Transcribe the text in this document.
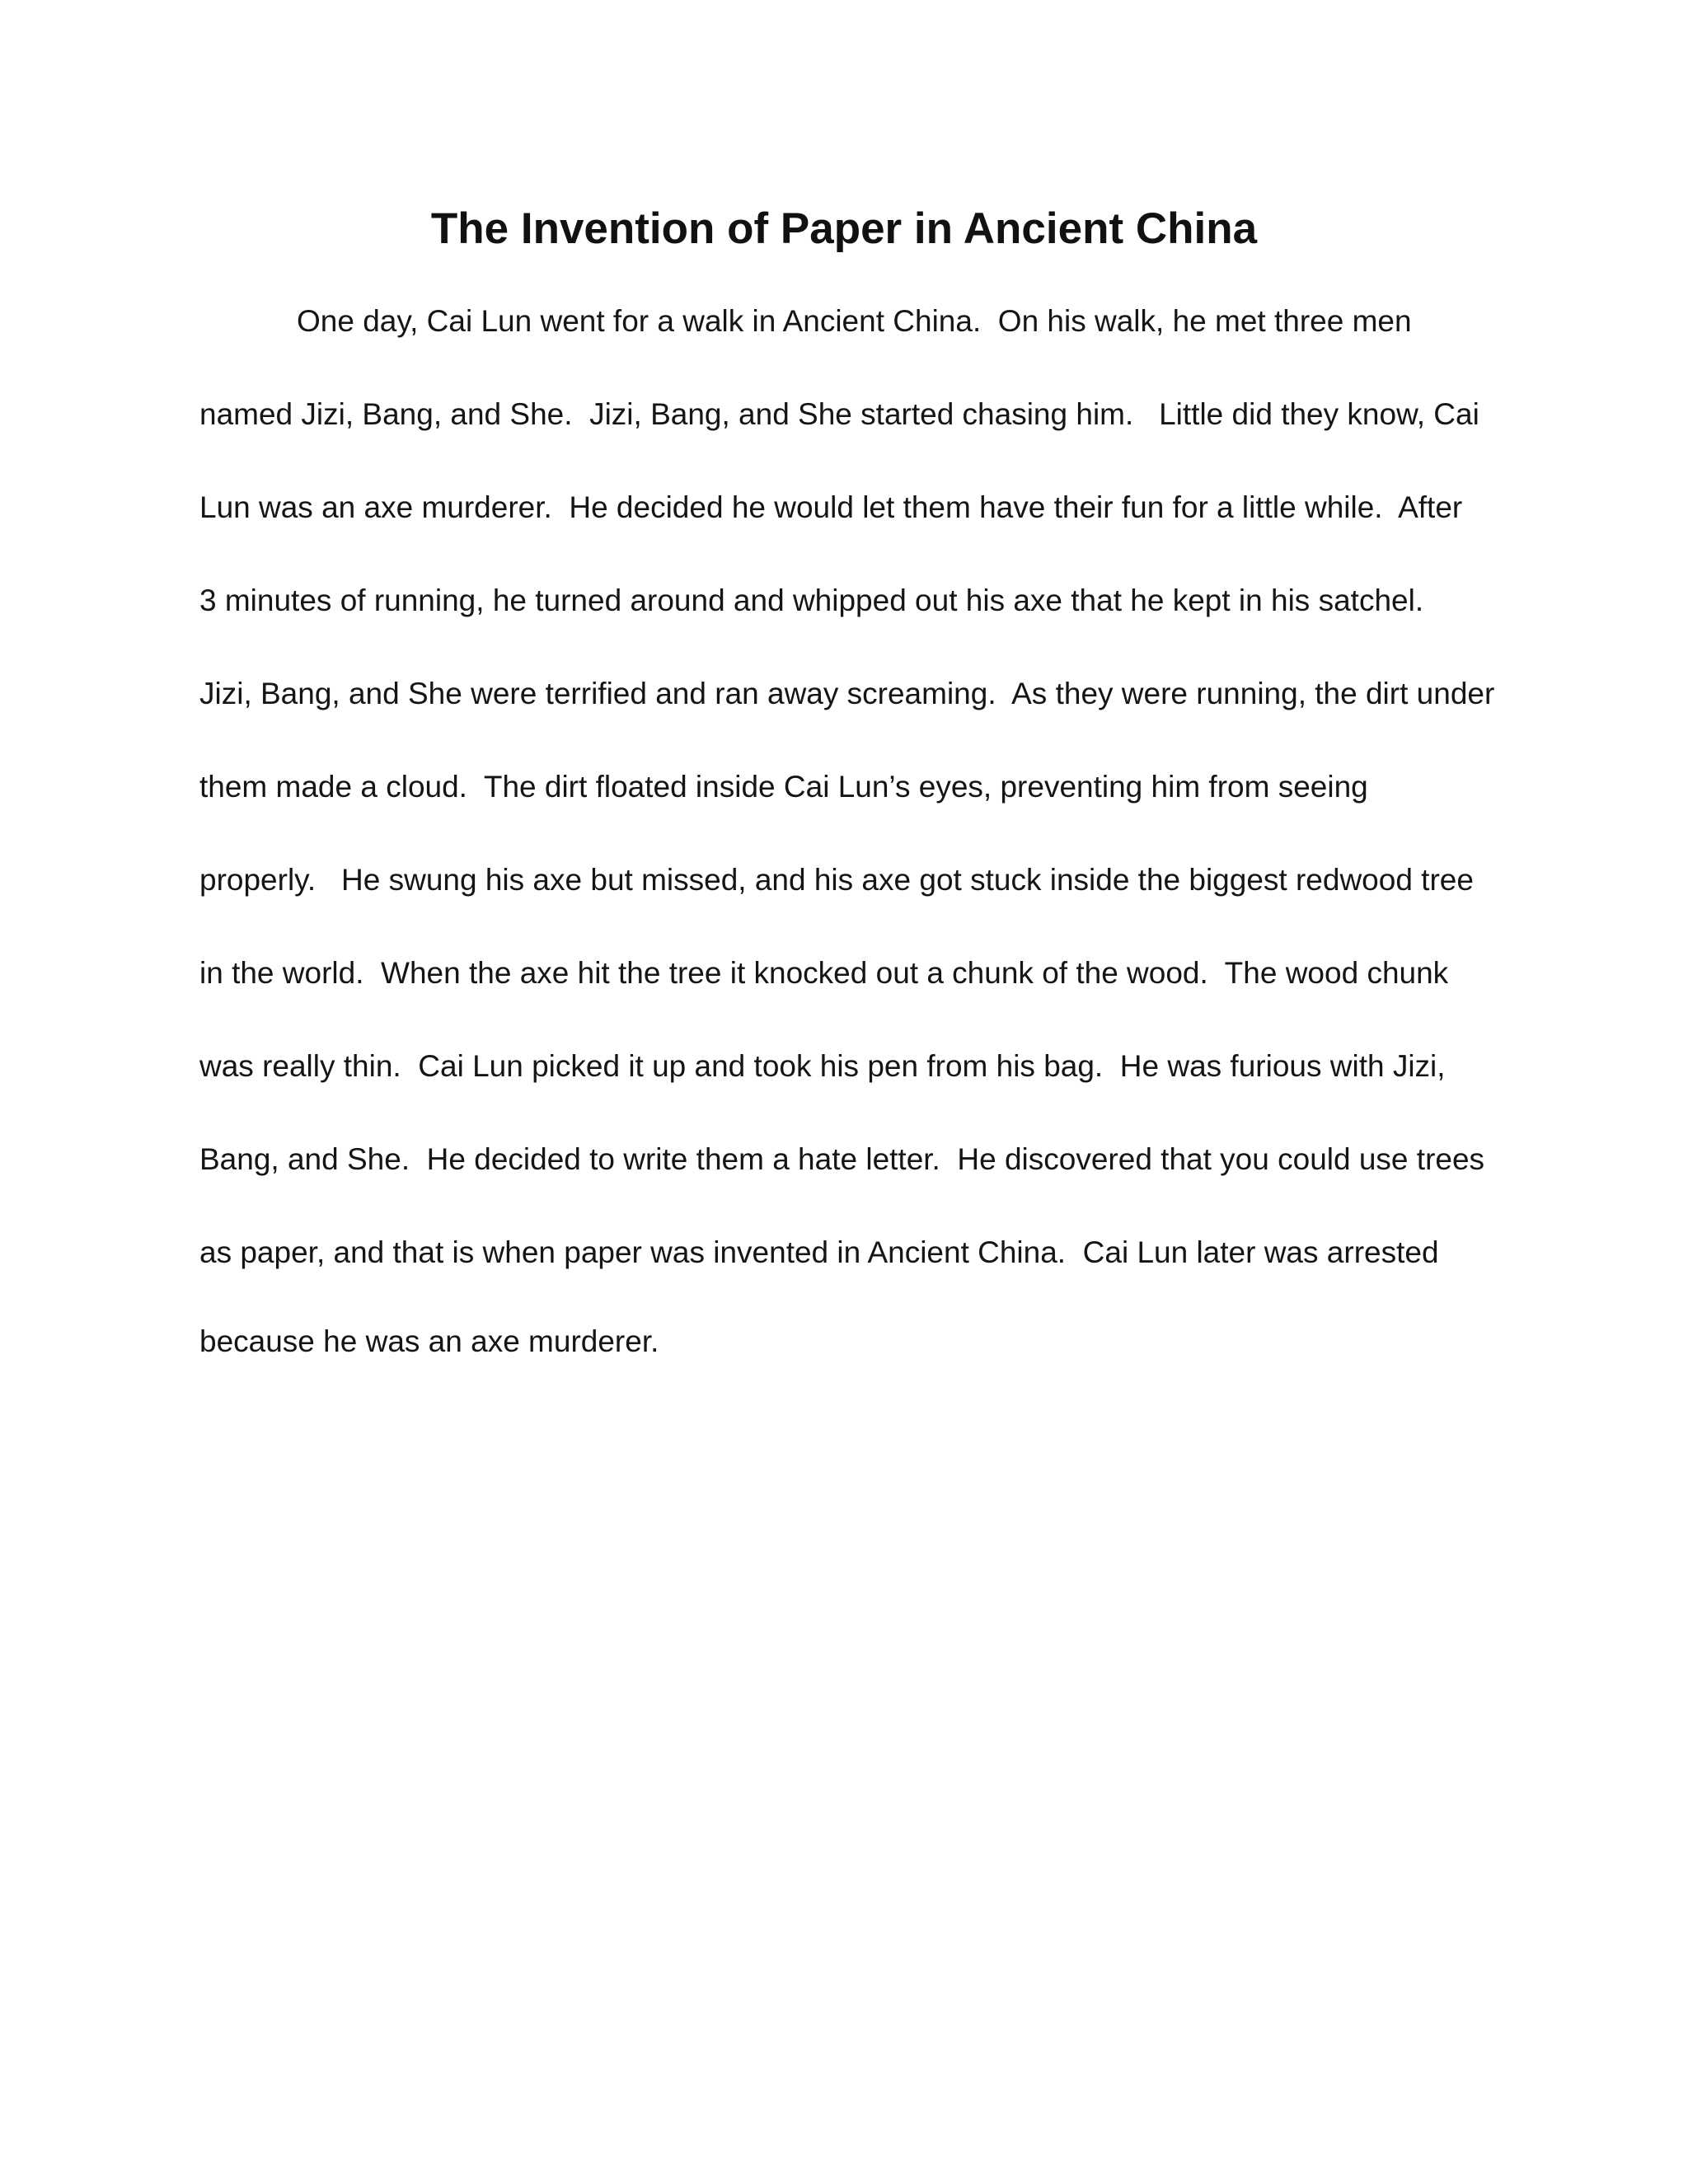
The Invention of Paper in Ancient China
One day, Cai Lun went for a walk in Ancient China.  On his walk, he met three men
named Jizi, Bang, and She.  Jizi, Bang, and She started chasing him.   Little did they know, Cai
Lun was an axe murderer.  He decided he would let them have their fun for a little while.  After
3 minutes of running, he turned around and whipped out his axe that he kept in his satchel.
Jizi, Bang, and She were terrified and ran away screaming.  As they were running, the dirt under
them made a cloud.  The dirt floated inside Cai Lun’s eyes, preventing him from seeing
properly.   He swung his axe but missed, and his axe got stuck inside the biggest redwood tree
in the world.  When the axe hit the tree it knocked out a chunk of the wood.  The wood chunk
was really thin.  Cai Lun picked it up and took his pen from his bag.  He was furious with Jizi,
Bang, and She.  He decided to write them a hate letter.  He discovered that you could use trees
as paper, and that is when paper was invented in Ancient China.  Cai Lun later was arrested
because he was an axe murderer.
